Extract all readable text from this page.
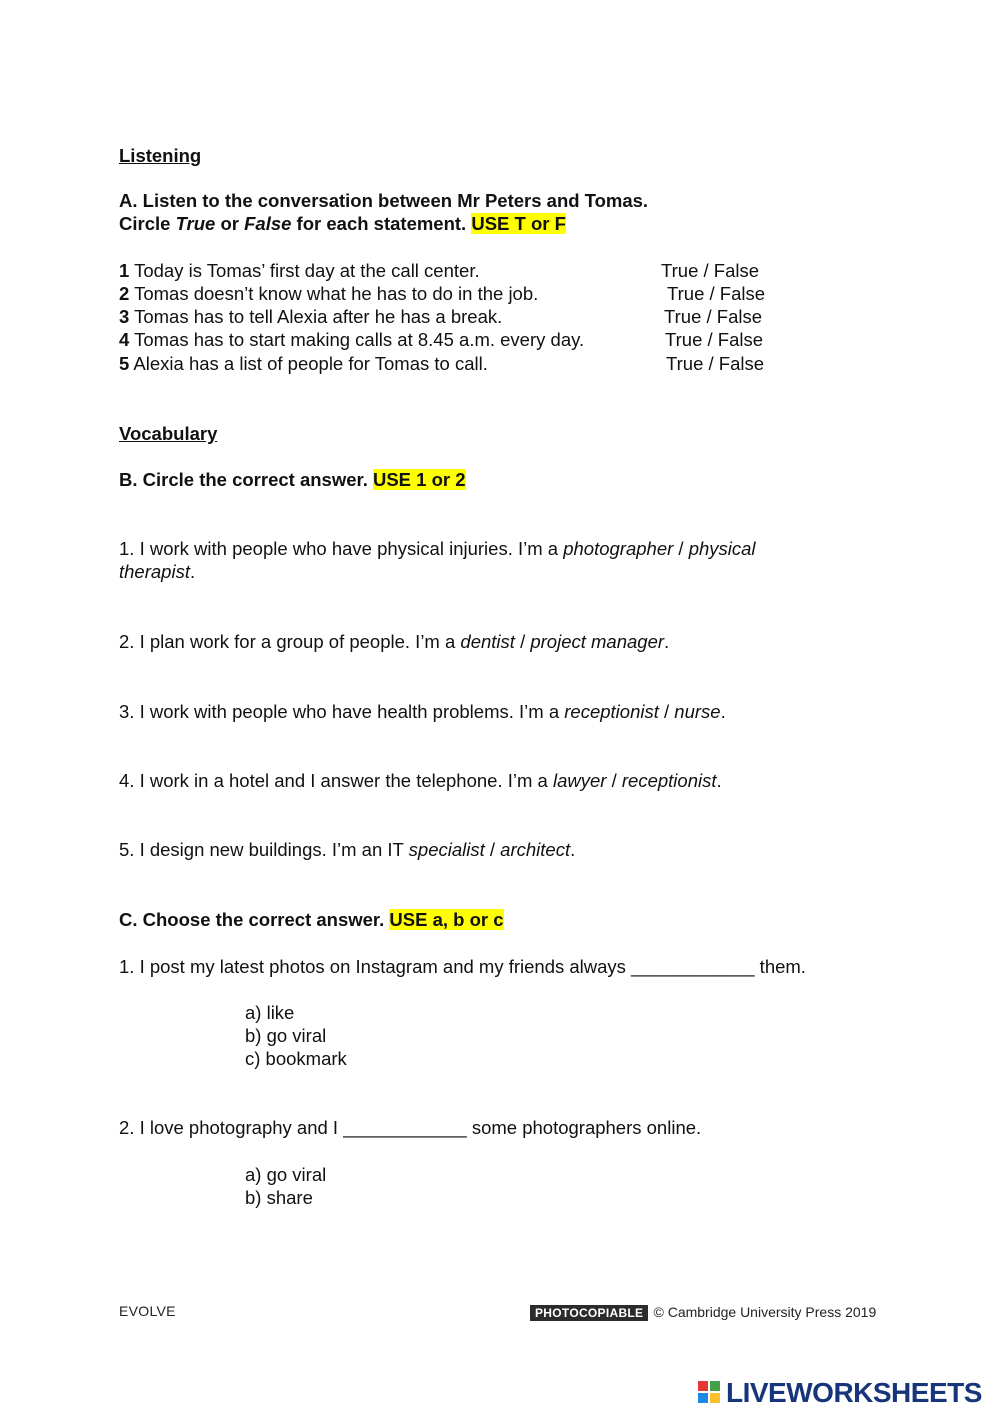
Listening
A. Listen to the conversation between Mr Peters and Tomas.
Circle True or False for each statement. USE T or F
1 Today is Tomas’ first day at the call center.	True / False
2 Tomas doesn’t know what he has to do in the job.	True / False
3 Tomas has to tell Alexia after he has a break.	True / False
4 Tomas has to start making calls at 8.45 a.m. every day.	True / False
5 Alexia has a list of people for Tomas to call.	True / False
Vocabulary
B. Circle the correct answer. USE 1 or 2
1. I work with people who have physical injuries. I’m a photographer / physical
therapist.
2. I plan work for a group of people. I’m a dentist / project manager.
3. I work with people who have health problems. I’m a receptionist / nurse.
4. I work in a hotel and I answer the telephone. I’m a lawyer / receptionist.
5. I design new buildings. I’m an IT specialist / architect.
C. Choose the correct answer. USE a, b or c
1. I post my latest photos on Instagram and my friends always ____________ them.
a) like
b) go viral
c) bookmark
2. I love photography and I ____________ some photographers online.
a) go viral
b) share
EVOLVE	PHOTOCOPIABLE © Cambridge University Press 2019
LIVEWORKSHEETS
